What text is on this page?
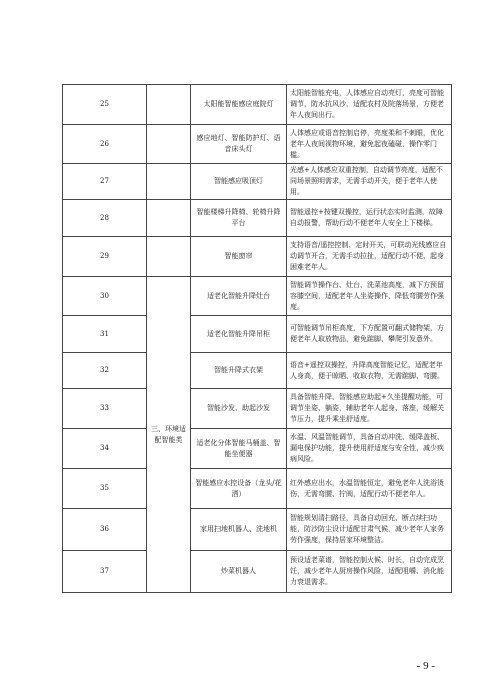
25		太阳能智能感应庭院灯	太阳能智能充电，人体感应自动亮灯，亮度可智能调节，防水抗风沙，适配农村及院落场景，方便老年人夜间出行。
26		感应地灯、智能防护灯、语音床头灯	人体感应或语音控制启停，亮度柔和不刺眼，优化老年人夜间视物环境，避免起夜磕碰，操作零门槛。
27		智能感应吸顶灯	光感+人体感应双重控制，自动调节亮度，适配不同场景照明需求，无需手动开关，便于老年人使用。
28		智能楼梯升降椅、轮椅升降平台	智能遥控+按键双操控，运行状态实时监测，故障自动报警，帮助行动不便老年人安全上下楼梯。
29		智能窗帘	支持语音/遥控控制、定时开关，可联动光线感应自动调节开合，无需手动拉扯，适配行动不便、起身困难老年人。
30	三、环境适配智能类	适老化智能升降灶台	智能调节操作台、灶台、洗菜池高度，减下方预留容膝空间，适配老年人坐姿操作，降低弯腰劳作强度。
31		适老化智能升降吊柜	可智能调节吊柜高度，下方配置可翻式储物架，方便老年人取放物品，避免踮脚、攀爬引发意外。
32		智能升降式衣架	语音+遥控双操控，升降高度智能记忆，适配老年人身高，便于晾晒、收取衣物，无需踮脚、弯腰。
33		智能沙发、助起沙发	具备智能升降、智能感应助起+久坐提醒功能，可调节坐姿、躺姿，辅助老年人起身、落座，缓解关节压力，提升乘坐舒适度。
34		适老化分体智能马桶盖、智能坐便器	水温、风温智能调节，具备自动冲洗、缓降盖板、漏电保护功能，提升使用舒适度与安全性，减少疾病风险。
35		智能感应水控设备（龙头/花洒）	红外感应出水，水温智能恒定，避免老年人洗浴烫伤，无需弯腰、拧阀，适配行动不便老年人。
36		家用扫地机器人、洗地机	智能规划清扫路径，具备自动回充、断点续扫功能，防沙防尘设计适配甘肃气候，减少老年人家务劳作强度，保持居家环境整洁。
37		炒菜机器人	预设适老菜谱，智能控制火候、时长，自动完成烹饪，减少老年人厨房操作风险，适配咀嚼、消化能力衰退需求。
- 9 -
